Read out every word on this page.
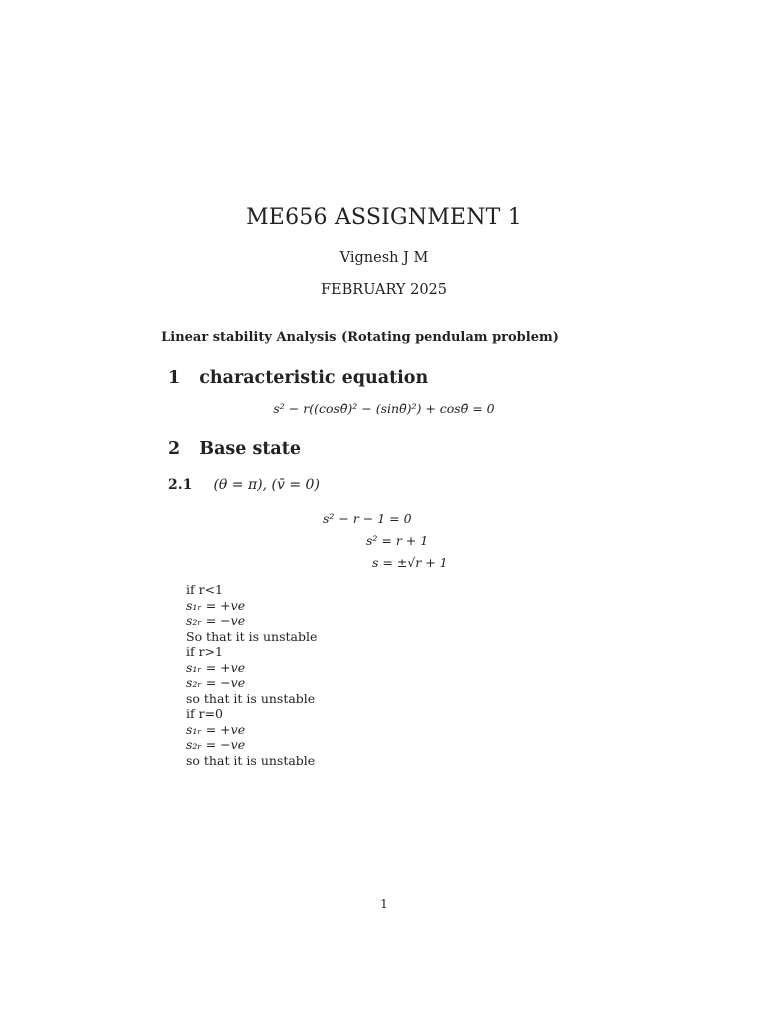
ME656 ASSIGNMENT 1
Vignesh J M
FEBRUARY 2025
Linear stability Analysis (Rotating pendulam problem)
1 characteristic equation
s² − r((cosθ̄)² − (sinθ̄)²) + cosθ̄ = 0
2 Base state
2.1 (θ = π), (v̄ = 0)
s² − r − 1 = 0
s² = r + 1
s = ±√r + 1
if r<1
s₁ᵣ = +ve
s₂ᵣ = −ve
So that it is unstable
if r>1
s₁ᵣ = +ve
s₂ᵣ = −ve
so that it is unstable
if r=0
s₁ᵣ = +ve
s₂ᵣ = −ve
so that it is unstable
1
